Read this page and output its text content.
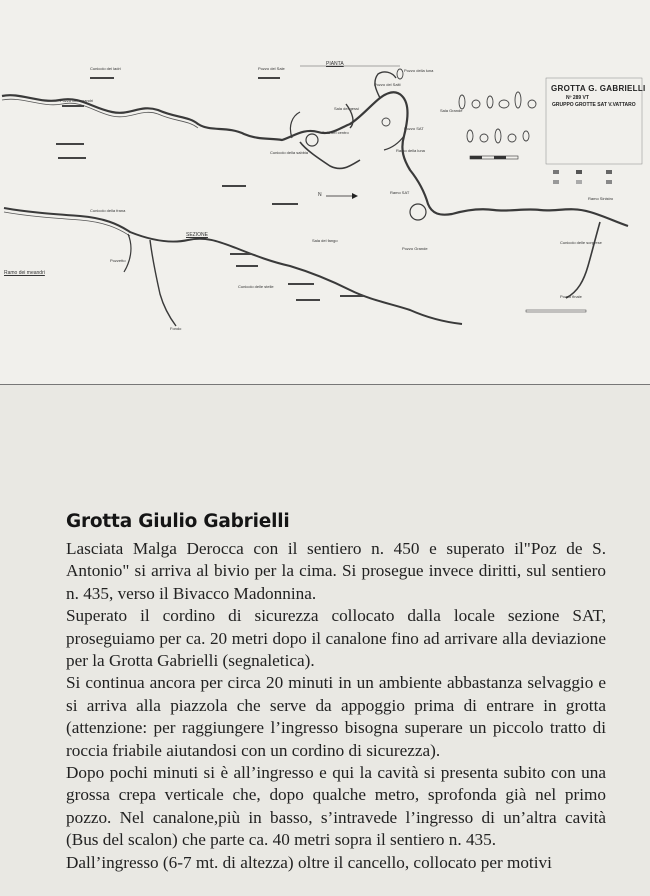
PIANTA
SEZIONE
Ramo dei meandri
N
GROTTA G. GABRIELLI
Nº 289 VT
GRUPPO GROTTE SAT V.VATTARO
Cunicolo dei ladri	Pozzo del Sale	Pozzo della luna
Sala dei gessi
Pozzo dei meandri
Pozzo del Salti
Ramo della luna
Cunicolo della sabbia
Sala del centro
Pozzo SAT
Ramo Sinistro
Cunicolo della frana
Sala del fango	Cunicolo delle sorprese
Ramo SAT
Pozzo finale
Sala Grande
Cunicolo delle stelle
Pozzo Grande
Pozzetto
Fondo
Grotta Giulio Gabrielli

Lasciata Malga Derocca con il sentiero n. 450 e superato il"Poz de S. Antonio" si arriva al bivio per la cima. Si prosegue invece diritti, sul sentiero n. 435, verso il Bivacco Madonnina.

Superato il cordino di sicurezza collocato dalla locale sezione SAT, proseguiamo per ca. 20 metri dopo il canalone fino ad arrivare alla deviazione per la Grotta Gabrielli (segnaletica).

Si continua ancora per circa 20 minuti in un ambiente abbastanza selvaggio e si arriva alla piazzola che serve da appoggio prima di entrare in grotta (attenzione: per raggiungere l’ingresso bisogna superare un piccolo tratto di roccia friabile aiutandosi con un cordino di sicurezza).

Dopo pochi minuti si è all’ingresso e qui la cavità si presenta subito con una grossa crepa verticale che, dopo qualche metro, sprofonda già nel primo pozzo. Nel canalone,più in basso, s’intravede l’ingresso di un’altra cavità (Bus del scalon) che parte ca. 40 metri sopra il sentiero n. 435.

Dall’ingresso (6-7 mt. di altezza) oltre il cancello, collocato per motivi
